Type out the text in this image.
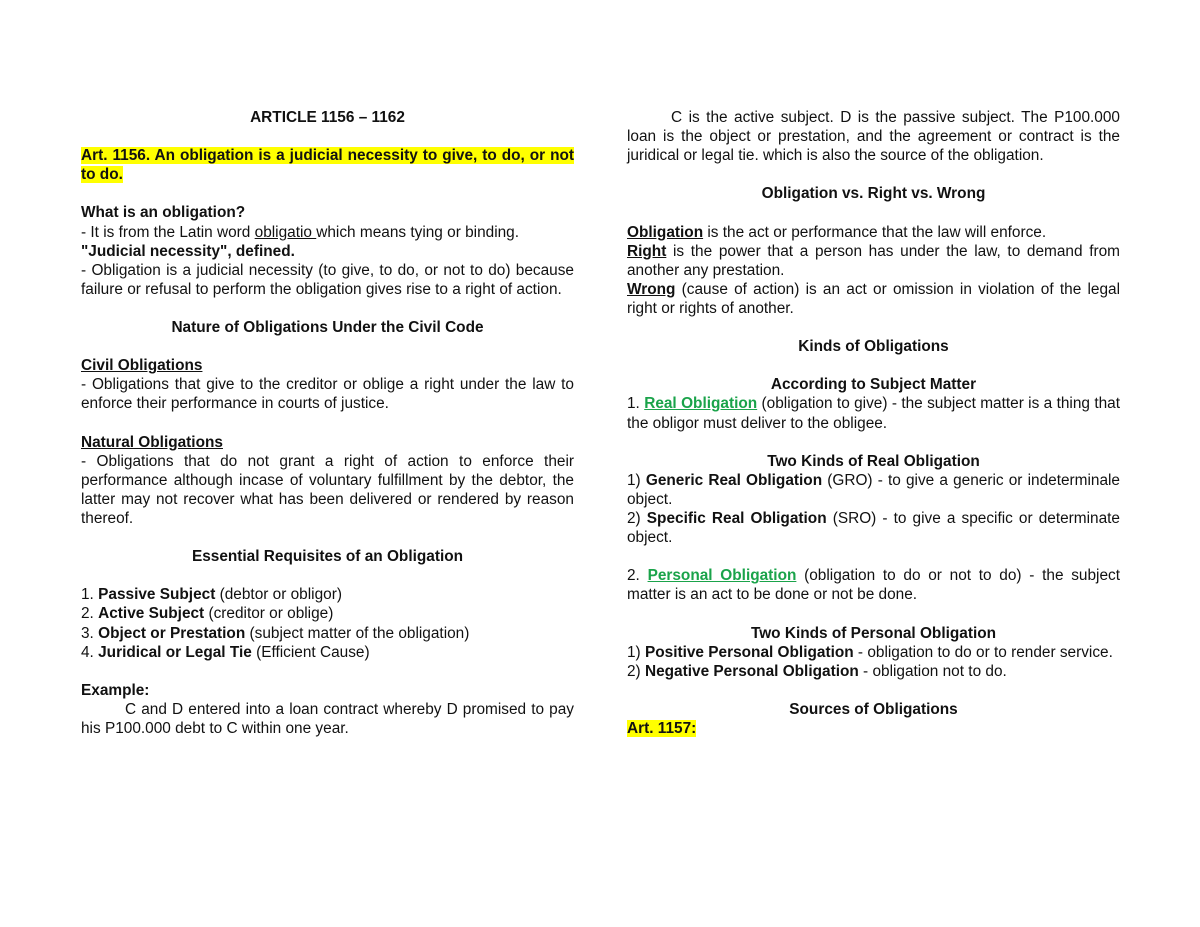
ARTICLE 1156 – 1162

Art. 1156. An obligation is a judicial necessity to give, to do, or not to do.

What is an obligation?

- It is from the Latin word obligatio which means tying or binding.

"Judicial necessity", defined.

- Obligation is a judicial necessity (to give, to do, or not to do) because failure or refusal to perform the obligation gives rise to a right of action.

Nature of Obligations Under the Civil Code

Civil Obligations

- Obligations that give to the creditor or oblige a right under the law to enforce their performance in courts of justice.

Natural Obligations

- Obligations that do not grant a right of action to enforce their performance although incase of voluntary fulfillment by the debtor, the latter may not recover what has been delivered or rendered by reason thereof.

Essential Requisites of an Obligation

1. Passive Subject (debtor or obligor)

2. Active Subject (creditor or oblige)

3. Object or Prestation (subject matter of the obligation)

4. Juridical or Legal Tie (Efficient Cause)

Example:

C and D entered into a loan contract whereby D promised to pay his P100.000 debt to C within one year.

C is the active subject. D is the passive subject. The P100.000 loan is the object or prestation, and the agreement or contract is the juridical or legal tie. which is also the source of the obligation.

Obligation vs. Right vs. Wrong

Obligation is the act or performance that the law will enforce.

Right is the power that a person has under the law, to demand from another any prestation.

Wrong (cause of action) is an act or omission in violation of the legal right or rights of another.

Kinds of Obligations

According to Subject Matter

1. Real Obligation (obligation to give) - the subject matter is a thing that the obligor must deliver to the obligee.

Two Kinds of Real Obligation

1) Generic Real Obligation (GRO) - to give a generic or indeterminale object.

2) Specific Real Obligation (SRO) - to give a specific or determinate object.

2. Personal Obligation (obligation to do or not to do) - the subject matter is an act to be done or not be done.

Two Kinds of Personal Obligation

1) Positive Personal Obligation - obligation to do or to render service.

2) Negative Personal Obligation - obligation not to do.

Sources of Obligations

Art. 1157:
